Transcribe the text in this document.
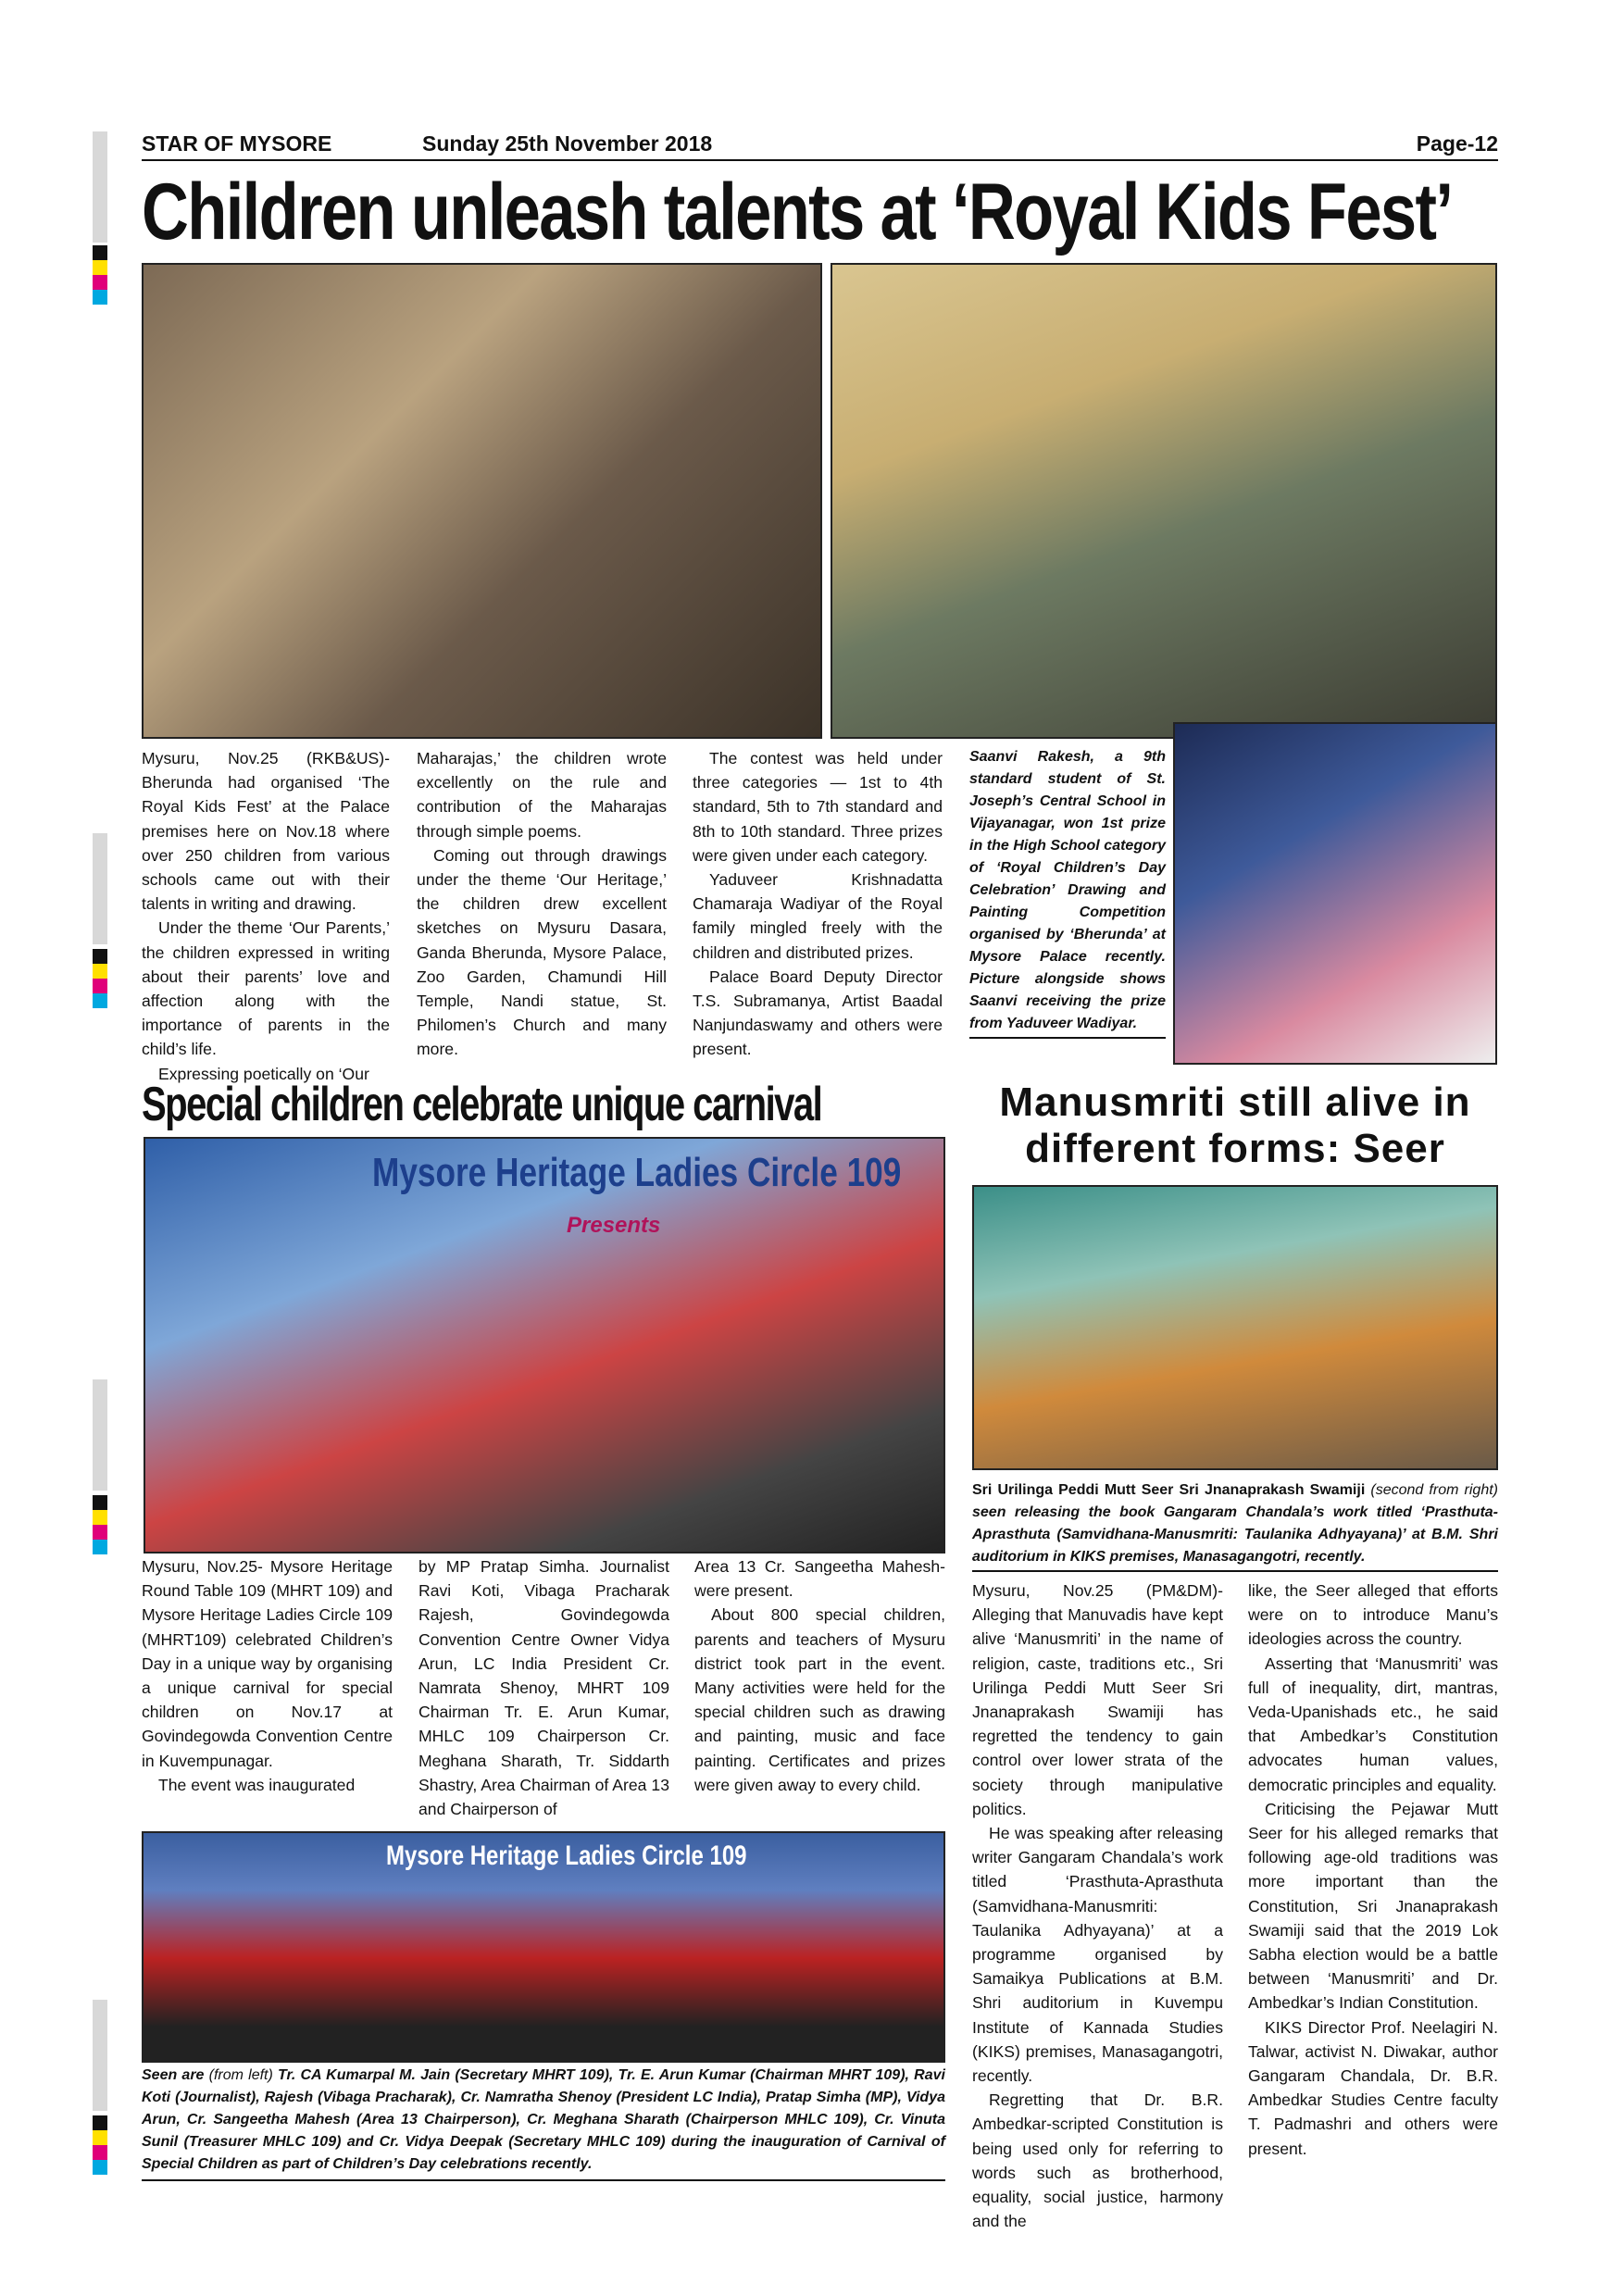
STAR OF MYSORE	Sunday 25th November 2018	Page-12
Children unleash talents at ‘Royal Kids Fest’

Mysuru, Nov.25 (RKB&US)- Bherunda had organised ‘The Royal Kids Fest’ at the Palace premises here on Nov.18 where over 250 children from various schools came out with their talents in writing and drawing.

Under the theme ‘Our Parents,’ the children expressed in writing about their parents’ love and affection along with the importance of parents in the child’s life.

Expressing poetically on ‘Our

Maharajas,’ the children wrote excellently on the rule and contribution of the Maharajas through simple poems.

Coming out through drawings under the theme ‘Our Heritage,’ the children drew excellent sketches on Mysuru Dasara, Ganda Bherunda, Mysore Palace, Zoo Garden, Chamundi Hill Temple, Nandi statue, St. Philomen’s Church and many more.

The contest was held under three categories — 1st to 4th standard, 5th to 7th standard and 8th to 10th standard. Three prizes were given under each category.

Yaduveer Krishnadatta Chamaraja Wadiyar of the Royal family mingled freely with the children and distributed prizes.

Palace Board Deputy Director T.S. Subramanya, Artist Baadal Nanjundaswamy and others were present.

Saanvi Rakesh, a 9th standard student of St. Joseph’s Central School in Vijayanagar, won 1st prize in the High School category of ‘Royal Children’s Day Celebration’ Drawing and Painting Competition organised by ‘Bherunda’ at Mysore Palace recently. Picture alongside shows Saanvi receiving the prize from Yaduveer Wadiyar.
Special children celebrate unique carnival
Mysore Heritage Ladies Circle 109
Presents

Mysuru, Nov.25- Mysore Heritage Round Table 109 (MHRT 109) and Mysore Heritage Ladies Circle 109 (MHRT109) celebrated Children’s Day in a unique way by organising a unique carnival for special children on Nov.17 at Govindegowda Convention Centre in Kuvempunagar.

The event was inaugurated

by MP Pratap Simha. Journalist Ravi Koti, Vibaga Pracharak Rajesh, Govindegowda Convention Centre Owner Vidya Arun, LC India President Cr. Namrata Shenoy, MHRT 109 Chairman Tr. E. Arun Kumar, MHLC 109 Chairperson Cr. Meghana Sharath, Tr. Siddarth Shastry, Area Chairman of Area 13 and Chairperson of

Area 13 Cr. Sangeetha Mahesh- were present.

About 800 special children, parents and teachers of Mysuru district took part in the event. Many activities were held for the special children such as drawing and painting, music and face painting. Certificates and prizes were given away to every child.

Mysore Heritage Ladies Circle 109
Seen are (from left) Tr. CA Kumarpal M. Jain (Secretary MHRT 109), Tr. E. Arun Kumar (Chairman MHRT 109), Ravi Koti (Journalist), Rajesh (Vibaga Pracharak), Cr. Namratha Shenoy (President LC India), Pratap Simha (MP), Vidya Arun, Cr. Sangeetha Mahesh (Area 13 Chairperson), Cr. Meghana Sharath (Chairperson MHLC 109), Cr. Vinuta Sunil (Treasurer MHLC 109) and Cr. Vidya Deepak (Secretary MHLC 109) during the inauguration of Carnival of Special Children as part of Children’s Day celebrations recently.
Manusmriti still alive in
different forms: Seer
Sri Urilinga Peddi Mutt Seer Sri Jnanaprakash Swamiji (second from right) seen releasing the book Gangaram Chandala’s work titled ‘Prasthuta-Aprasthuta (Samvidhana-Manusmriti: Taulanika Adhyayana)’ at B.M. Shri auditorium in KIKS premises, Manasagangotri, recently.

Mysuru, Nov.25 (PM&DM)- Alleging that Manuvadis have kept alive ‘Manusmriti’ in the name of religion, caste, traditions etc., Sri Urilinga Peddi Mutt Seer Sri Jnanaprakash Swamiji has regretted the tendency to gain control over lower strata of the society through manipulative politics.

He was speaking after releasing writer Gangaram Chandala’s work titled ‘Prasthuta-Aprasthuta (Samvidhana-Manusmriti: Taulanika Adhyayana)’ at a programme organised by Samaikya Publications at B.M. Shri auditorium in Kuvempu Institute of Kannada Studies (KIKS) premises, Manasagangotri, recently.

Regretting that Dr. B.R. Ambedkar-scripted Constitution is being used only for referring to words such as brotherhood, equality, social justice, harmony and the

like, the Seer alleged that efforts were on to introduce Manu’s ideologies across the country.

Asserting that ‘Manusmriti’ was full of inequality, dirt, mantras, Veda-Upanishads etc., he said that Ambedkar’s Constitution advocates human values, democratic principles and equality.

Criticising the Pejawar Mutt Seer for his alleged remarks that following age-old traditions was more important than the Constitution, Sri Jnanaprakash Swamiji said that the 2019 Lok Sabha election would be a battle between ‘Manusmriti’ and Dr. Ambedkar’s Indian Constitution.

KIKS Director Prof. Neelagiri N. Talwar, activist N. Diwakar, author Gangaram Chandala, Dr. B.R. Ambedkar Studies Centre faculty T. Padmashri and others were present.
